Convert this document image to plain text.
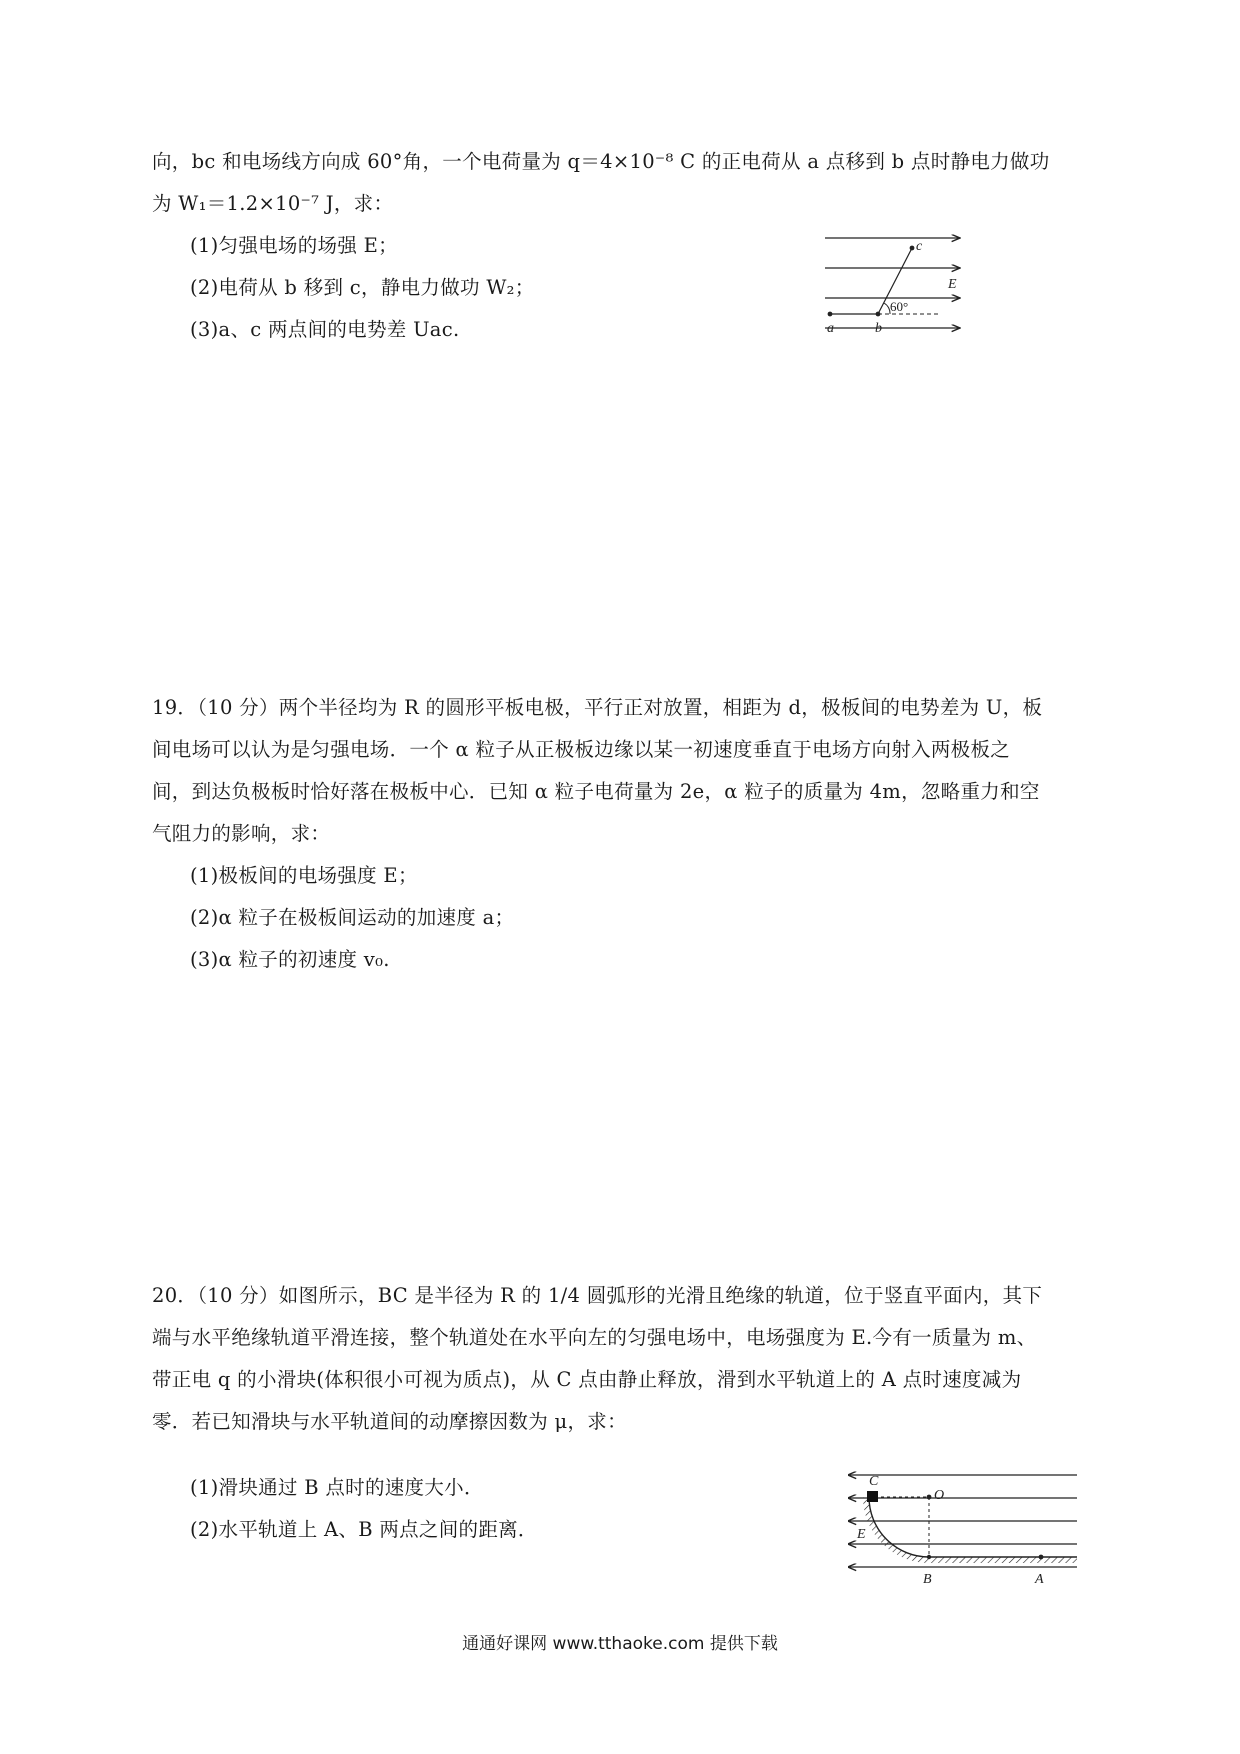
向，bc 和电场线方向成 60°角，一个电荷量为 q＝4×10⁻⁸ C 的正电荷从 a 点移到 b 点时静电力做功
为 W₁＝1.2×10⁻⁷ J，求：
(1)匀强电场的场强 E；
(2)电荷从 b 移到 c，静电力做功 W₂；
(3)a、c 两点间的电势差 Uac.	a	b
c
E
60°
19．（10 分）两个半径均为 R 的圆形平板电极，平行正对放置，相距为 d，极板间的电势差为 U，板
间电场可以认为是匀强电场．一个 α 粒子从正极板边缘以某一初速度垂直于电场方向射入两极板之
间，到达负极板时恰好落在极板中心．已知 α 粒子电荷量为 2e，α 粒子的质量为 4m，忽略重力和空
气阻力的影响，求：
(1)极板间的电场强度 E；
(2)α 粒子在极板间运动的加速度 a；
(3)α 粒子的初速度 v₀.
20．（10 分）如图所示，BC 是半径为 R 的 1/4 圆弧形的光滑且绝缘的轨道，位于竖直平面内，其下
端与水平绝缘轨道平滑连接，整个轨道处在水平向左的匀强电场中，电场强度为 E.今有一质量为 m、
带正电 q 的小滑块(体积很小可视为质点)，从 C 点由静止释放，滑到水平轨道上的 A 点时速度减为
零．若已知滑块与水平轨道间的动摩擦因数为 μ，求：
(1)滑块通过 B 点时的速度大小．
(2)水平轨道上 A、B 两点之间的距离．
C
O
E
B	A
通通好课网 www.tthaoke.com 提供下载
